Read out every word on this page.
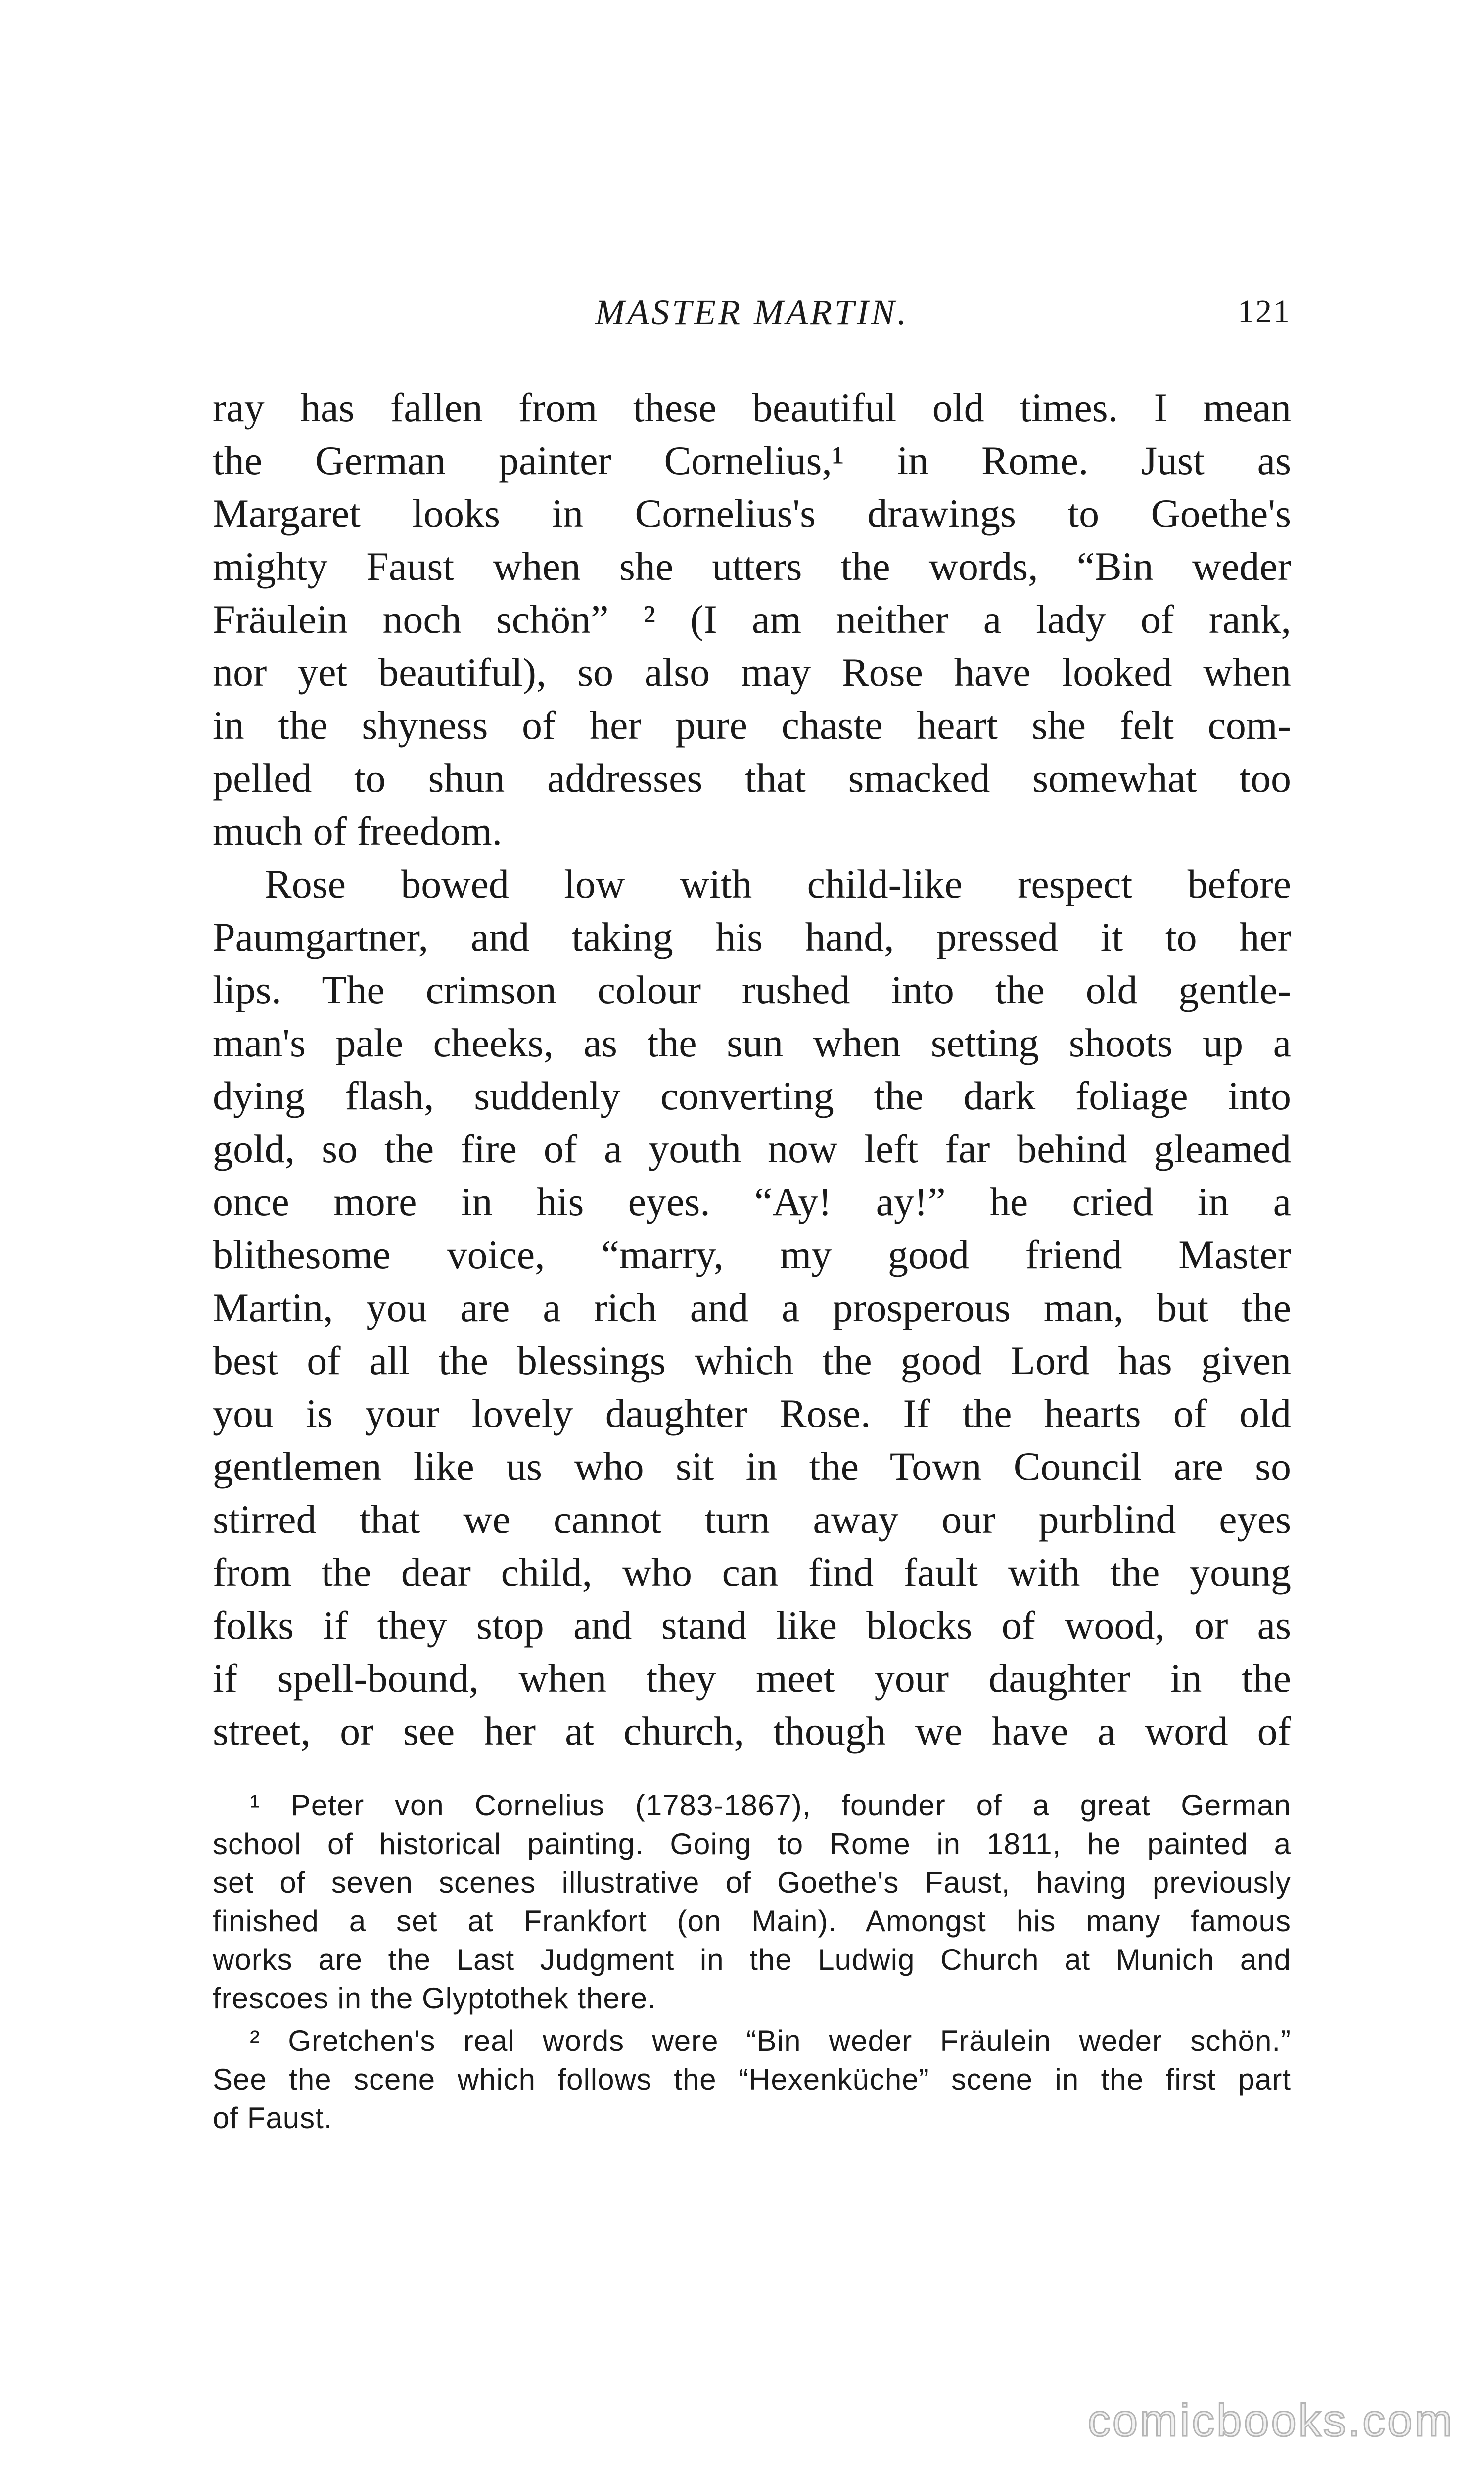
MASTER MARTIN.	121
ray has fallen from these beautiful old times. I mean
the German painter Cornelius,¹ in Rome. Just as
Margaret looks in Cornelius's drawings to Goethe's
mighty Faust when she utters the words, “Bin weder
Fräulein noch schön” ² (I am neither a lady of rank,
nor yet beautiful), so also may Rose have looked when
in the shyness of her pure chaste heart she felt com-
pelled to shun addresses that smacked somewhat too
much of freedom.
Rose bowed low with child-like respect before
Paumgartner, and taking his hand, pressed it to her
lips. The crimson colour rushed into the old gentle-
man's pale cheeks, as the sun when setting shoots up a
dying flash, suddenly converting the dark foliage into
gold, so the fire of a youth now left far behind gleamed
once more in his eyes. “Ay! ay!” he cried in a
blithesome voice, “marry, my good friend Master
Martin, you are a rich and a prosperous man, but the
best of all the blessings which the good Lord has given
you is your lovely daughter Rose. If the hearts of old
gentlemen like us who sit in the Town Council are so
stirred that we cannot turn away our purblind eyes
from the dear child, who can find fault with the young
folks if they stop and stand like blocks of wood, or as
if spell-bound, when they meet your daughter in the
street, or see her at church, though we have a word of
¹ Peter von Cornelius (1783-1867), founder of a great German
school of historical painting. Going to Rome in 1811, he painted a
set of seven scenes illustrative of Goethe's Faust, having previously
finished a set at Frankfort (on Main). Amongst his many famous
works are the Last Judgment in the Ludwig Church at Munich and
frescoes in the Glyptothek there.
² Gretchen's real words were “Bin weder Fräulein weder schön.”
See the scene which follows the “Hexenküche” scene in the first part
of Faust.
comicbooks.com
